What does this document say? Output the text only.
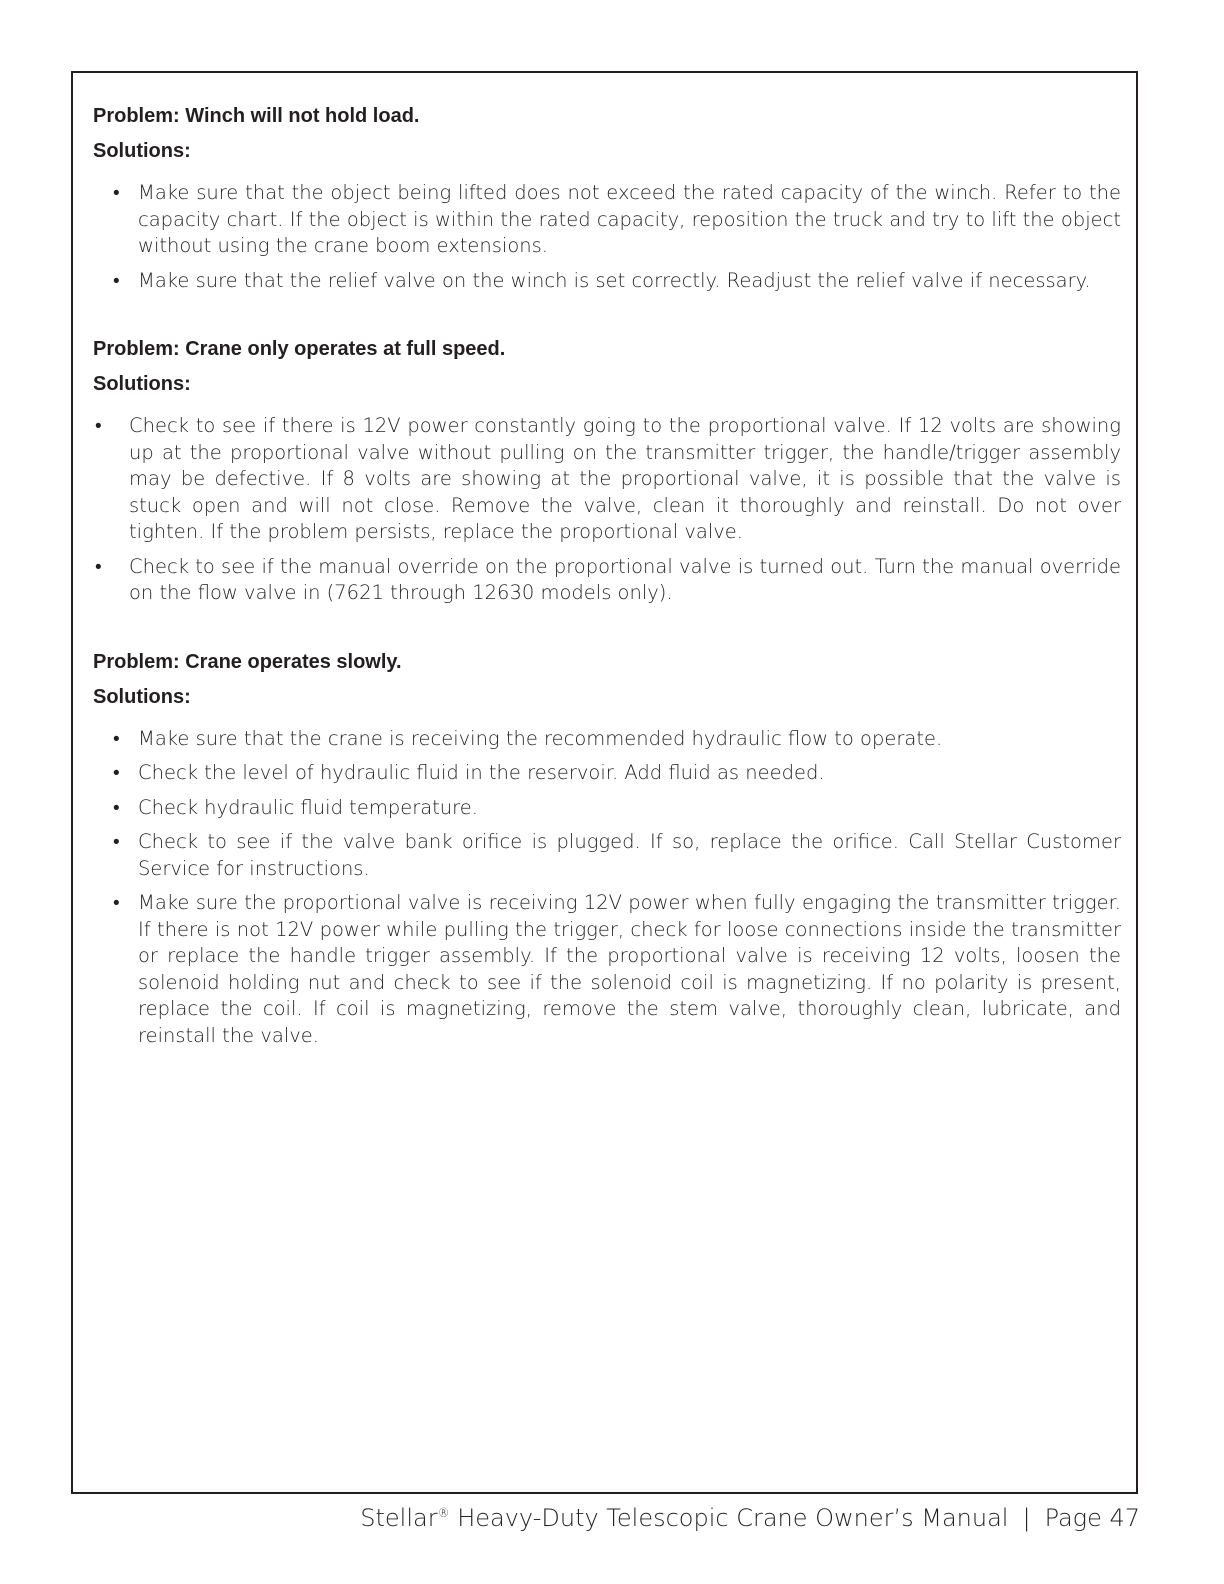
Problem: Winch will not hold load.
Solutions:
• Make sure that the object being lifted does not exceed the rated capacity of the winch. Refer to the capacity chart. If the object is within the rated capacity, reposition the truck and try to lift the object without using the crane boom extensions.
• Make sure that the relief valve on the winch is set correctly. Readjust the relief valve if necessary.
Problem: Crane only operates at full speed.
Solutions:
• Check to see if there is 12V power constantly going to the proportional valve. If 12 volts are showing up at the proportional valve without pulling on the transmitter trigger, the handle/trigger assembly may be defective. If 8 volts are showing at the proportional valve, it is possible that the valve is stuck open and will not close. Remove the valve, clean it thoroughly and reinstall. Do not over tighten. If the problem persists, replace the proportional valve.
• Check to see if the manual override on the proportional valve is turned out. Turn the manual override on the flow valve in (7621 through 12630 models only).
Problem: Crane operates slowly.
Solutions:
• Make sure that the crane is receiving the recommended hydraulic flow to operate.
• Check the level of hydraulic fluid in the reservoir. Add fluid as needed.
• Check hydraulic fluid temperature.
• Check to see if the valve bank orifice is plugged. If so, replace the orifice. Call Stellar Customer Service for instructions.
• Make sure the proportional valve is receiving 12V power when fully engaging the transmitter trigger. If there is not 12V power while pulling the trigger, check for loose connections inside the transmitter or replace the handle trigger assembly. If the proportional valve is receiving 12 volts, loosen the solenoid holding nut and check to see if the solenoid coil is magnetizing. If no polarity is present, replace the coil. If coil is magnetizing, remove the stem valve, thoroughly clean, lubricate, and reinstall the valve.
Stellar® Heavy-Duty Telescopic Crane Owner’s Manual | Page 47
